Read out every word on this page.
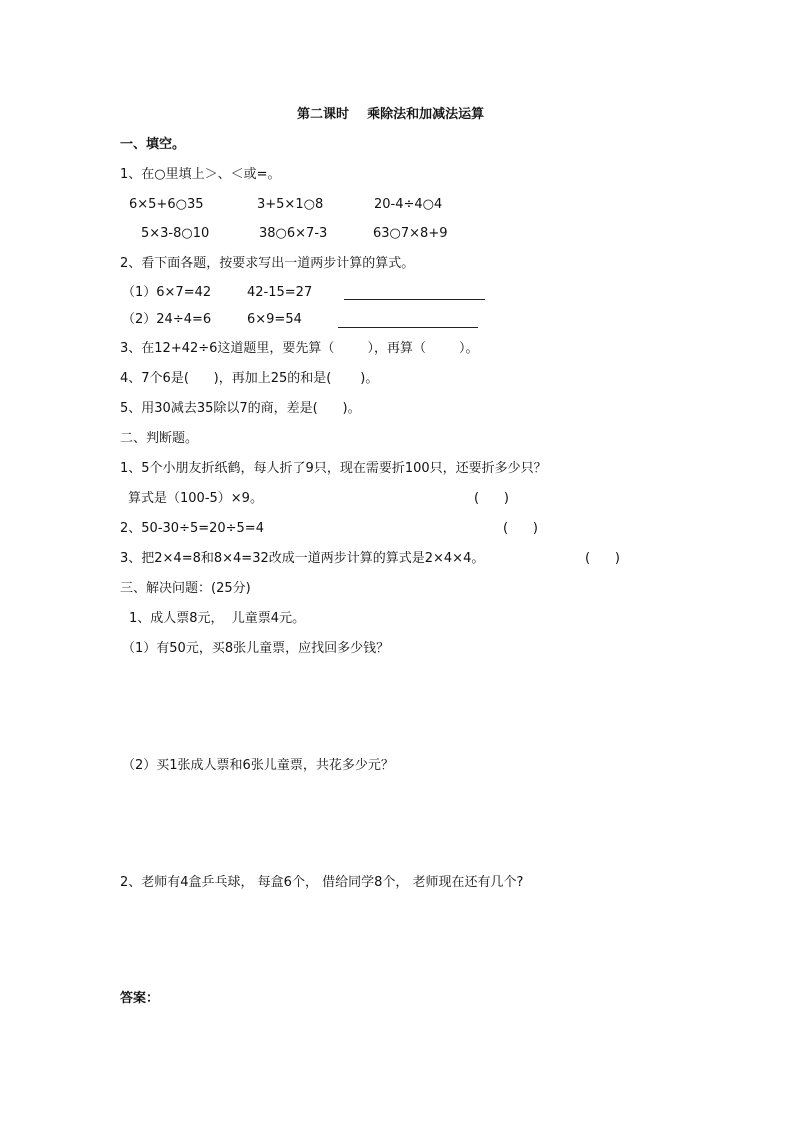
第二课时    乘除法和加减法运算
一、填空。
1、在○里填上＞、＜或=。
6×5+6○35	3+5×1○8	20-4÷4○4
5×3-8○10	38○6×7-3	63○7×8+9
2、看下面各题，按要求写出一道两步计算的算式。
（1）6×7=42	42-15=27
（2）24÷4=6	6×9=54
3、在12+42÷6这道题里，要先算（        ），再算（        ）。
4、7个6是(      )，再加上25的和是(       )。
5、用30减去35除以7的商，差是(      )。
二、判断题。
1、5个小朋友折纸鹤，每人折了9只，现在需要折100只，还要折多少只？
算式是（100-5）×9。	(      )
2、50-30÷5=20÷5=4	(      )
3、把2×4=8和8×4=32改成一道两步计算的算式是2×4×4。	(      )
三、解决问题：(25分)
1、成人票8元，  儿童票4元。
（1）有50元，买8张儿童票，应找回多少钱？
（2）买1张成人票和6张儿童票，共花多少元？
2、老师有4盒乒乓球， 每盒6个， 借给同学8个， 老师现在还有几个?
答案：
